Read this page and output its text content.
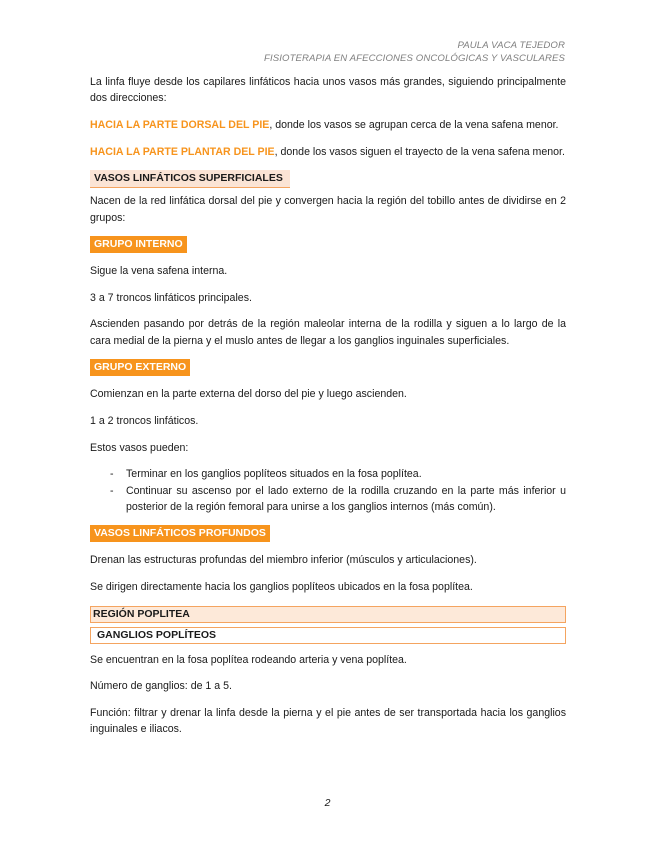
PAULA VACA TEJEDOR
FISIOTERAPIA EN AFECCIONES ONCOLÓGICAS Y VASCULARES

La linfa fluye desde los capilares linfáticos hacia unos vasos más grandes, siguiendo principalmente dos direcciones:

HACIA LA PARTE DORSAL DEL PIE, donde los vasos se agrupan cerca de la vena safena menor.

HACIA LA PARTE PLANTAR DEL PIE, donde los vasos siguen el trayecto de la vena safena menor.

VASOS LINFÁTICOS SUPERFICIALES

Nacen de la red linfática dorsal del pie y convergen hacia la región del tobillo antes de dividirse en 2 grupos:

GRUPO INTERNO

Sigue la vena safena interna.

3 a 7 troncos linfáticos principales.

Ascienden pasando por detrás de la región maleolar interna de la rodilla y siguen a lo largo de la cara medial de la pierna y el muslo antes de llegar a los ganglios inguinales superficiales.

GRUPO EXTERNO

Comienzan en la parte externa del dorso del pie y luego ascienden.

1 a 2 troncos linfáticos.

Estos vasos pueden:

- Terminar en los ganglios poplíteos situados en la fosa poplítea.
- Continuar su ascenso por el lado externo de la rodilla cruzando en la parte más inferior u posterior de la región femoral para unirse a los ganglios internos (más común).
VASOS LINFÁTICOS PROFUNDOS

Drenan las estructuras profundas del miembro inferior (músculos y articulaciones).

Se dirigen directamente hacia los ganglios poplíteos ubicados en la fosa poplítea.

REGIÓN POPLITEA
GANGLIOS POPLÍTEOS

Se encuentran en la fosa poplítea rodeando arteria y vena poplítea.

Número de ganglios: de 1 a 5.

Función: filtrar y drenar la linfa desde la pierna y el pie antes de ser transportada hacia los ganglios inguinales e iliacos.

2
